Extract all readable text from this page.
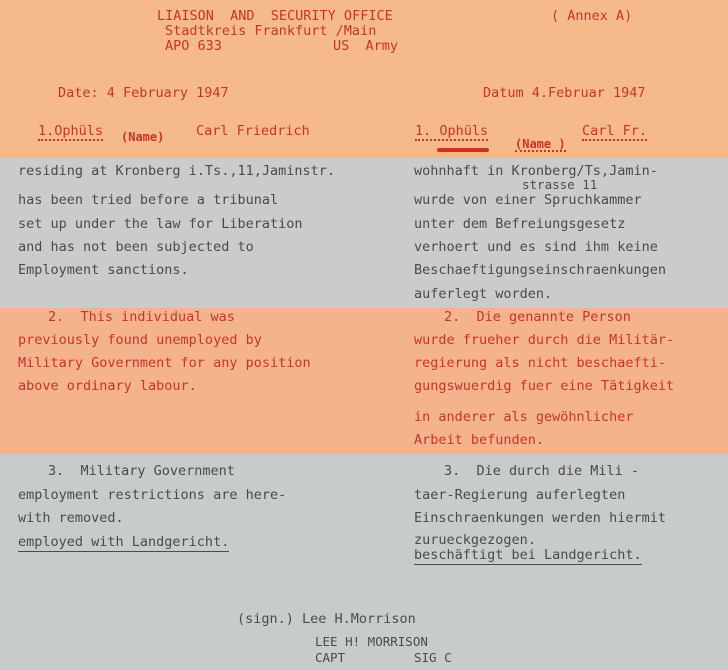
LIAISON  AND  SECURITY OFFICE
Stadtkreis Frankfurt /Main
APO 633	US  Army
( Annex A)
Date: 4 February 1947	Datum 4.Februar 1947
1.Ophüls (Name) Carl Friedrich	1. Ophüls
(Name )
Carl Fr.
residing at Kronberg i.Ts.,11,Jaminstr.
has been tried before a tribunal
set up under the law for Liberation
and has not been subjected to
Employment sanctions.
wohnhaft in Kronberg/Ts,Jamin-
strasse 11
wurde von einer Spruchkammer
unter dem Befreiungsgesetz
verhoert und es sind ihm keine
Beschaeftigungseinschraenkungen
auferlegt worden.
2.  This individual was
previously found unemployed by
Military Government for any position
above ordinary labour.
2.  Die genannte Person
wurde frueher durch die Militär-
regierung als nicht beschaefti-
gungswuerdig fuer eine Tätigkeit
in anderer als gewöhnlicher
Arbeit befunden.
3.  Military Government
employment restrictions are here-
with removed.
employed with Landgericht.
3.  Die durch die Mili -
taer-Regierung auferlegten
Einschraenkungen werden hiermit
zurueckgezogen.
beschäftigt bei Landgericht.
(sign.) Lee H.Morrison
LEE H! MORRISON
CAPT	SIG C
